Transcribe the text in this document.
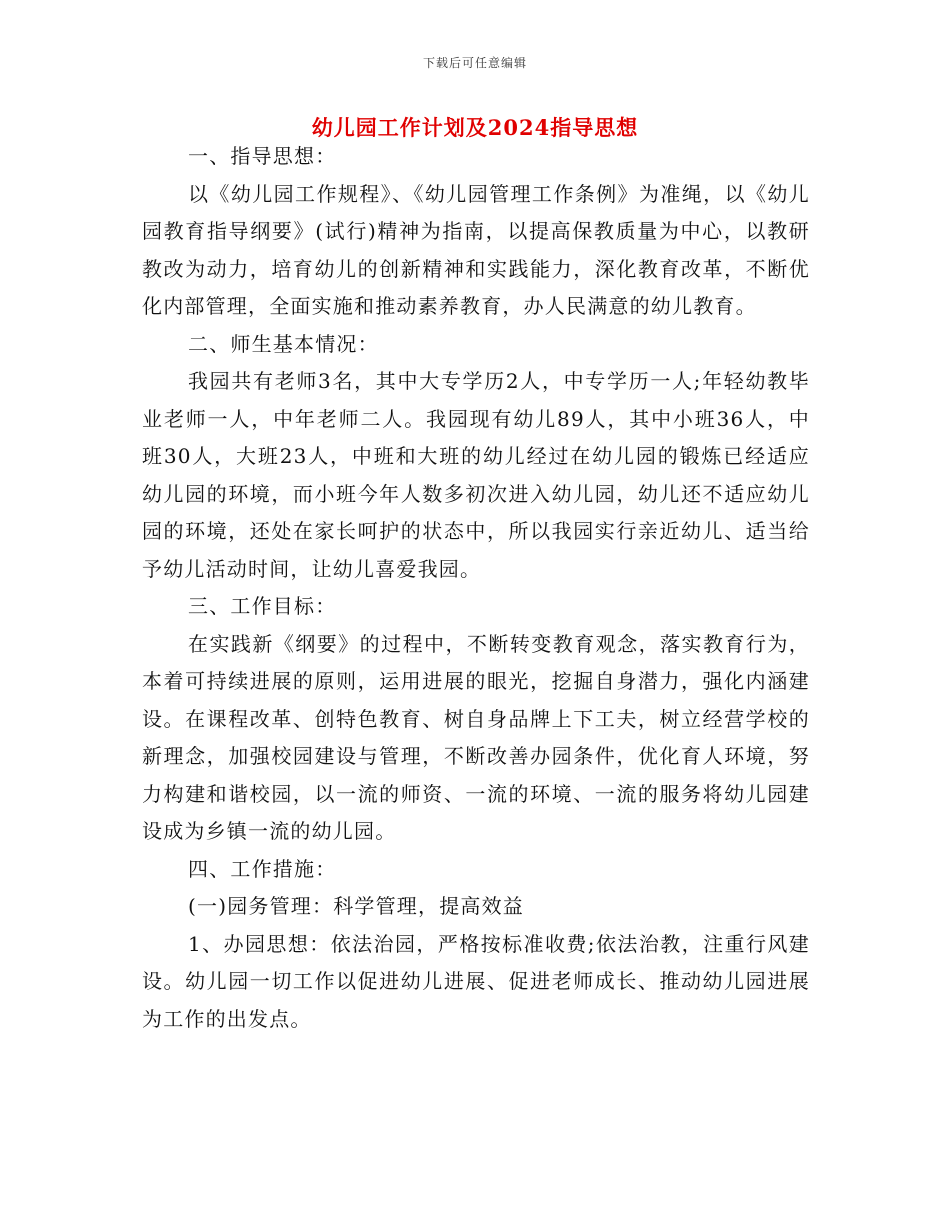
下载后可任意编辑
幼儿园工作计划及2024指导思想

一、指导思想：

以《幼儿园工作规程》、《幼儿园管理工作条例》为准绳，以《幼儿园教育指导纲要》(试行)精神为指南，以提高保教质量为中心，以教研教改为动力，培育幼儿的创新精神和实践能力，深化教育改革，不断优化内部管理，全面实施和推动素养教育，办人民满意的幼儿教育。

二、师生基本情况：

我园共有老师3名，其中大专学历2人，中专学历一人;年轻幼教毕业老师一人，中年老师二人。我园现有幼儿89人，其中小班36人，中班30人，大班23人，中班和大班的幼儿经过在幼儿园的锻炼已经适应幼儿园的环境，而小班今年人数多初次进入幼儿园，幼儿还不适应幼儿园的环境，还处在家长呵护的状态中，所以我园实行亲近幼儿、适当给予幼儿活动时间，让幼儿喜爱我园。

三、工作目标：

在实践新《纲要》的过程中，不断转变教育观念，落实教育行为，本着可持续进展的原则，运用进展的眼光，挖掘自身潜力，强化内涵建设。在课程改革、创特色教育、树自身品牌上下工夫，树立经营学校的新理念，加强校园建设与管理，不断改善办园条件，优化育人环境，努力构建和谐校园，以一流的师资、一流的环境、一流的服务将幼儿园建设成为乡镇一流的幼儿园。

四、工作措施：

(一)园务管理：科学管理，提高效益

1、办园思想：依法治园，严格按标准收费;依法治教，注重行风建设。幼儿园一切工作以促进幼儿进展、促进老师成长、推动幼儿园进展为工作的出发点。
